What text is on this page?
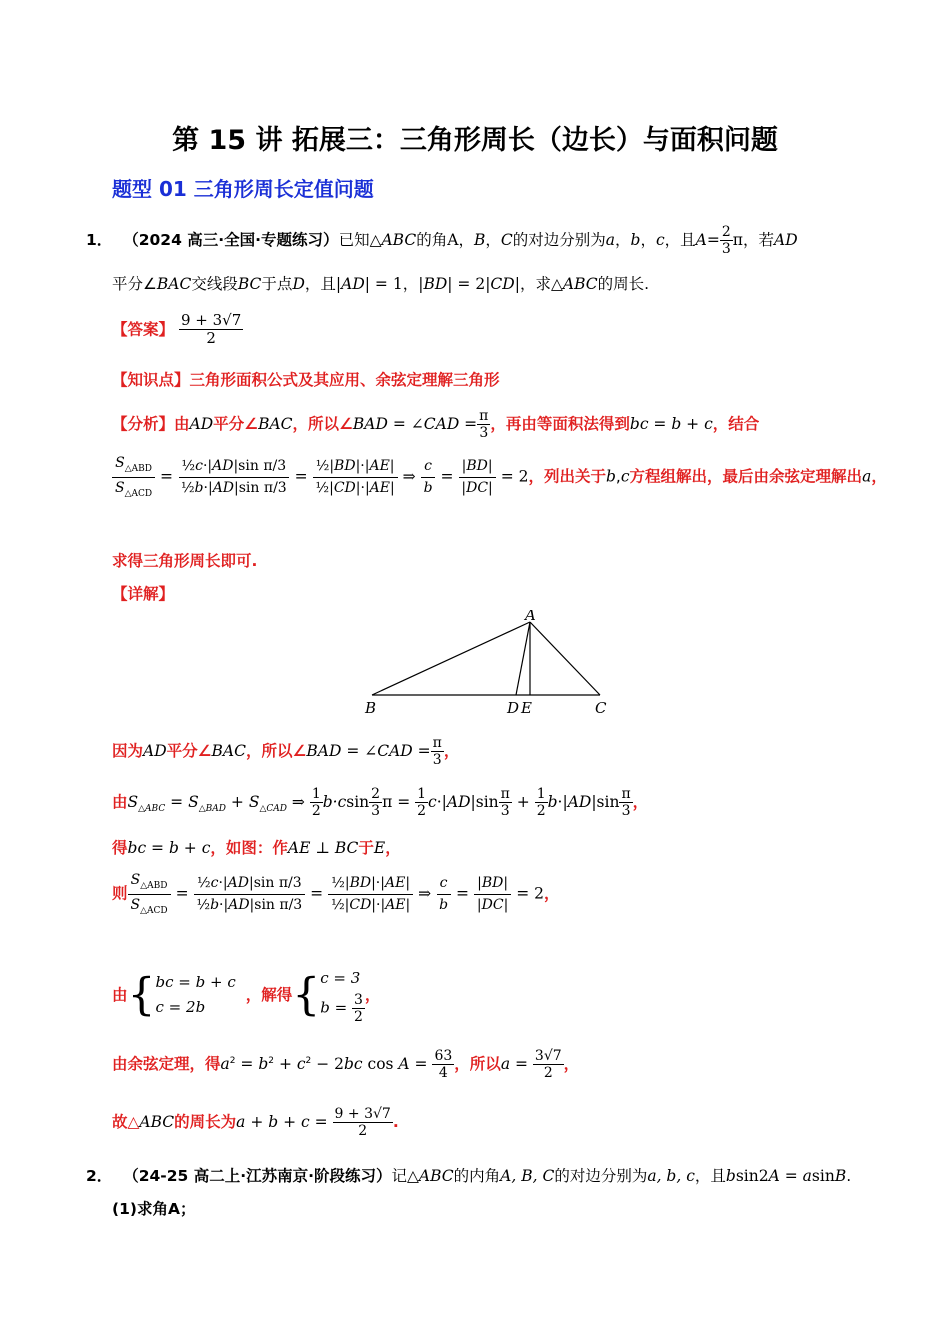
第 15 讲 拓展三：三角形周长（边长）与面积问题
题型 01 三角形周长定值问题
1． （2024 高三·全国·专题练习）已知△ABC的角A，B，C的对边分别为a，b，c，且$A= \frac{2}{3}$ π，若AD
平分∠BAC交线段BC于点D，且|AD| = 1，|BD| = 2|CD|，求△ABC的周长.
【答案】 $\frac{9 + 3√7}{2}$
【知识点】三角形面积公式及其应用、余弦定理解三角形
【分析】由AD平分∠BAC，所以∠BAD = ∠CAD = $\frac{\pi}{3}$ ，再由等面积法得到bc = b + c，结合
$\frac{S_{\triangle ABD}}{S_{\triangle ACD}} = \frac{\text{½c·|AD|sin π/3}}{\text{½b·|AD|sin π/3}} = \frac{\text{½|BD|·|AE|}}{\text{½|CD|·|AE|}}$ ⇒ $\frac{c}{b} = \frac{|BD|}{|DC|} = 2$，列出关于b,c方程组解出，最后由余弦定理解出a，
求得三角形周长即可.
【详解】
A
B	D E	C
因为AD平分∠BAC，所以∠BAD = ∠CAD = $\frac{\pi}{3}$ ，
由$S_{\triangle ABC} = S_{\triangle BAD} + S_{\triangle CAD}$ ⇒ $\frac{1}{2} b\cdot csin \frac{2}{3}$ $\pi = \frac{1}{2} c\cdot|AD|\sin \frac{\pi}{3} + \frac{1}{2} b\cdot|AD|\sin \frac{\pi}{3}$ ，
得bc = b + c，如图：作AE ⊥ BC于E，
则 $\frac{S_{\triangle ABD}}{S_{\triangle ACD}} = \frac{\text{½c·|AD|sin π/3}}{\text{½b·|AD|sin π/3}} = \frac{\text{½|BD|·|AE|}}{\text{½|CD|·|AE|}}$ ⇒ $\frac{c}{b} = \frac{|BD|}{|DC|} = 2$，
由{ bc = b + c
c = 2b
，解得{ c = 3
$b = \frac{3}{2}$ ，
由余弦定理，得$a^2 = b^2 + c^2 - 2bc$ $\cos A = \frac{63}{4}$ ，所以$a = \frac{3√7}{2}$ ，
故△ABC的周长为$a + b + c = \frac{9 + 3√7}{2}$ .
2． （24-25 高二上·江苏南京·阶段练习）记△ABC的内角A, B, C的对边分别为a, b, c，且bsin2A = asinB.
(1)求角A；
